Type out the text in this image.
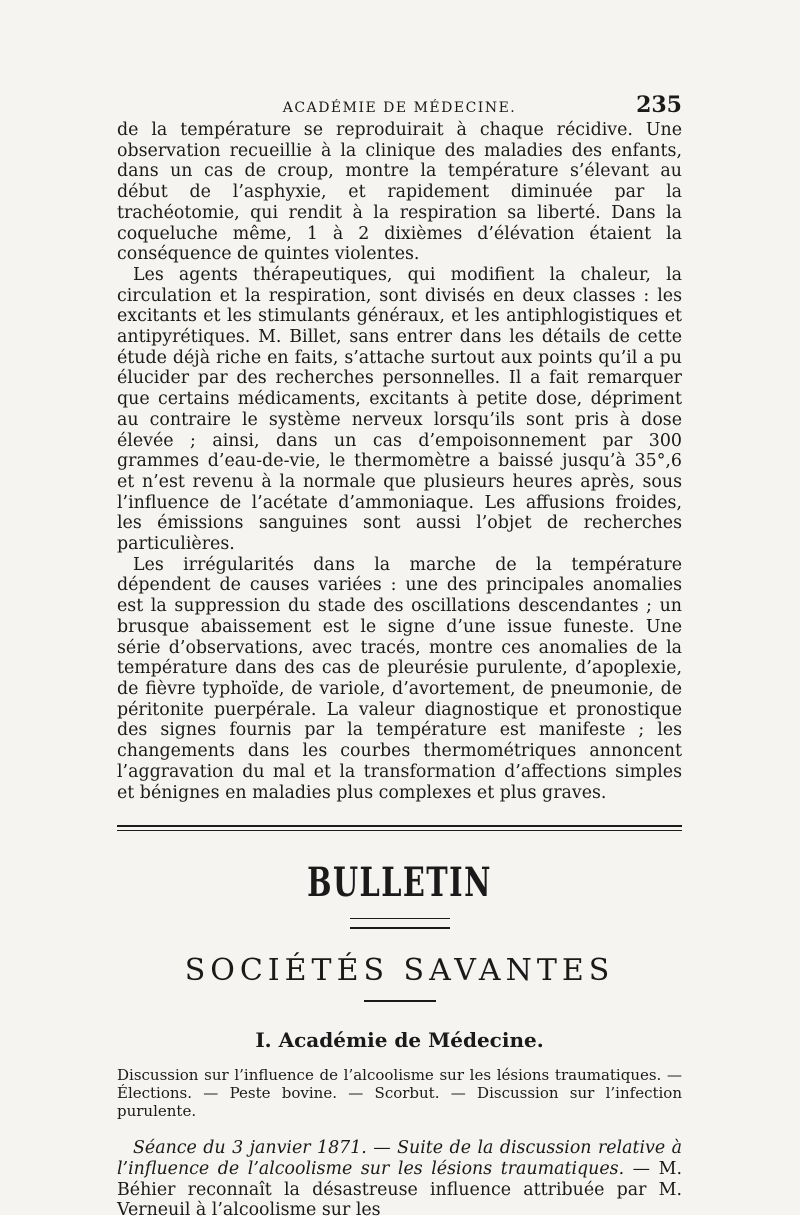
ACADÉMIE DE MÉDECINE.	235

de la température se reproduirait à chaque récidive. Une observation recueillie à la clinique des maladies des enfants, dans un cas de croup, montre la température s’élevant au début de l’asphyxie, et rapidement diminuée par la trachéotomie, qui rendit à la respiration sa liberté. Dans la coqueluche même, 1 à 2 dixièmes d’élévation étaient la conséquence de quintes violentes.

Les agents thérapeutiques, qui modifient la chaleur, la circulation et la respiration, sont divisés en deux classes : les excitants et les stimulants généraux, et les antiphlogistiques et antipyrétiques. M. Billet, sans entrer dans les détails de cette étude déjà riche en faits, s’attache surtout aux points qu’il a pu élucider par des recherches personnelles. Il a fait remarquer que certains médicaments, excitants à petite dose, dépriment au contraire le système nerveux lorsqu’ils sont pris à dose élevée ; ainsi, dans un cas d’empoisonnement par 300 grammes d’eau-de-vie, le thermomètre a baissé jusqu’à 35°,6 et n’est revenu à la normale que plusieurs heures après, sous l’influence de l’acétate d’ammoniaque. Les affusions froides, les émissions sanguines sont aussi l’objet de recherches particulières.

Les irrégularités dans la marche de la température dépendent de causes variées : une des principales anomalies est la suppression du stade des oscillations descendantes ; un brusque abaissement est le signe d’une issue funeste. Une série d’observations, avec tracés, montre ces anomalies de la température dans des cas de pleurésie purulente, d’apoplexie, de fièvre typhoïde, de variole, d’avortement, de pneumonie, de péritonite puerpérale. La valeur diagnostique et pronostique des signes fournis par la température est manifeste ; les changements dans les courbes thermométriques annoncent l’aggravation du mal et la transformation d’affections simples et bénignes en maladies plus complexes et plus graves.

BULLETIN
SOCIÉTÉS SAVANTES
I. Académie de Médecine.
Discussion sur l’influence de l’alcoolisme sur les lésions traumatiques. — Élections. — Peste bovine. — Scorbut. — Discussion sur l’infection purulente.
Séance du 3 janvier 1871. — Suite de la discussion relative à l’influence de l’alcoolisme sur les lésions traumatiques. — M. Béhier reconnaît la désastreuse influence attribuée par M. Verneuil à l’alcoolisme sur les
